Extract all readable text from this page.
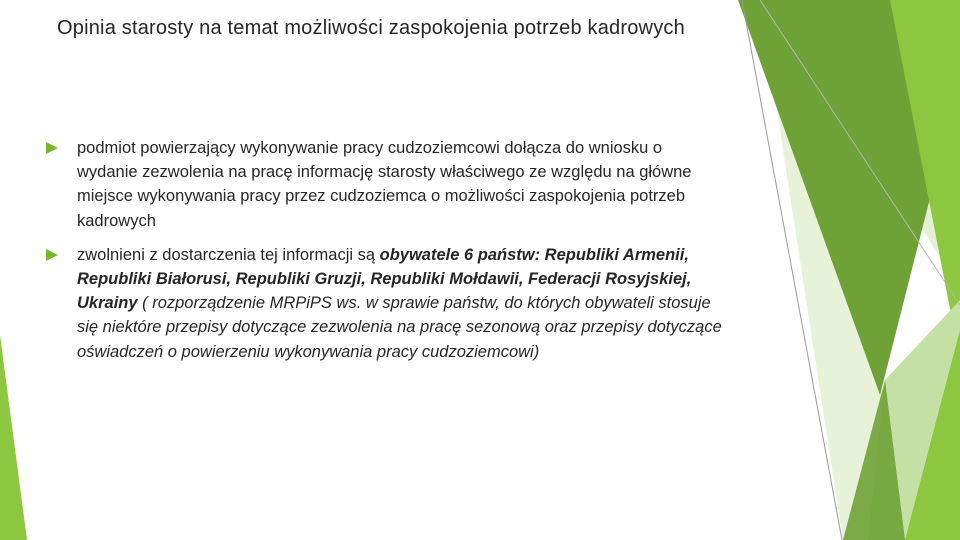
Opinia starosty na temat możliwości zaspokojenia potrzeb kadrowych
podmiot powierzający wykonywanie pracy cudzoziemcowi dołącza do wniosku o wydanie zezwolenia na pracę informację starosty właściwego ze względu na główne miejsce wykonywania pracy przez cudzoziemca o możliwości zaspokojenia potrzeb kadrowych
zwolnieni z dostarczenia tej informacji są obywatele 6 państw: Republiki Armenii, Republiki Białorusi, Republiki Gruzji, Republiki Mołdawii, Federacji Rosyjskiej, Ukrainy ( rozporządzenie MRPiPS ws. w sprawie państw, do których obywateli stosuje się niektóre przepisy dotyczące zezwolenia na pracę sezonową oraz przepisy dotyczące oświadczeń o powierzeniu wykonywania pracy cudzoziemcowi)
